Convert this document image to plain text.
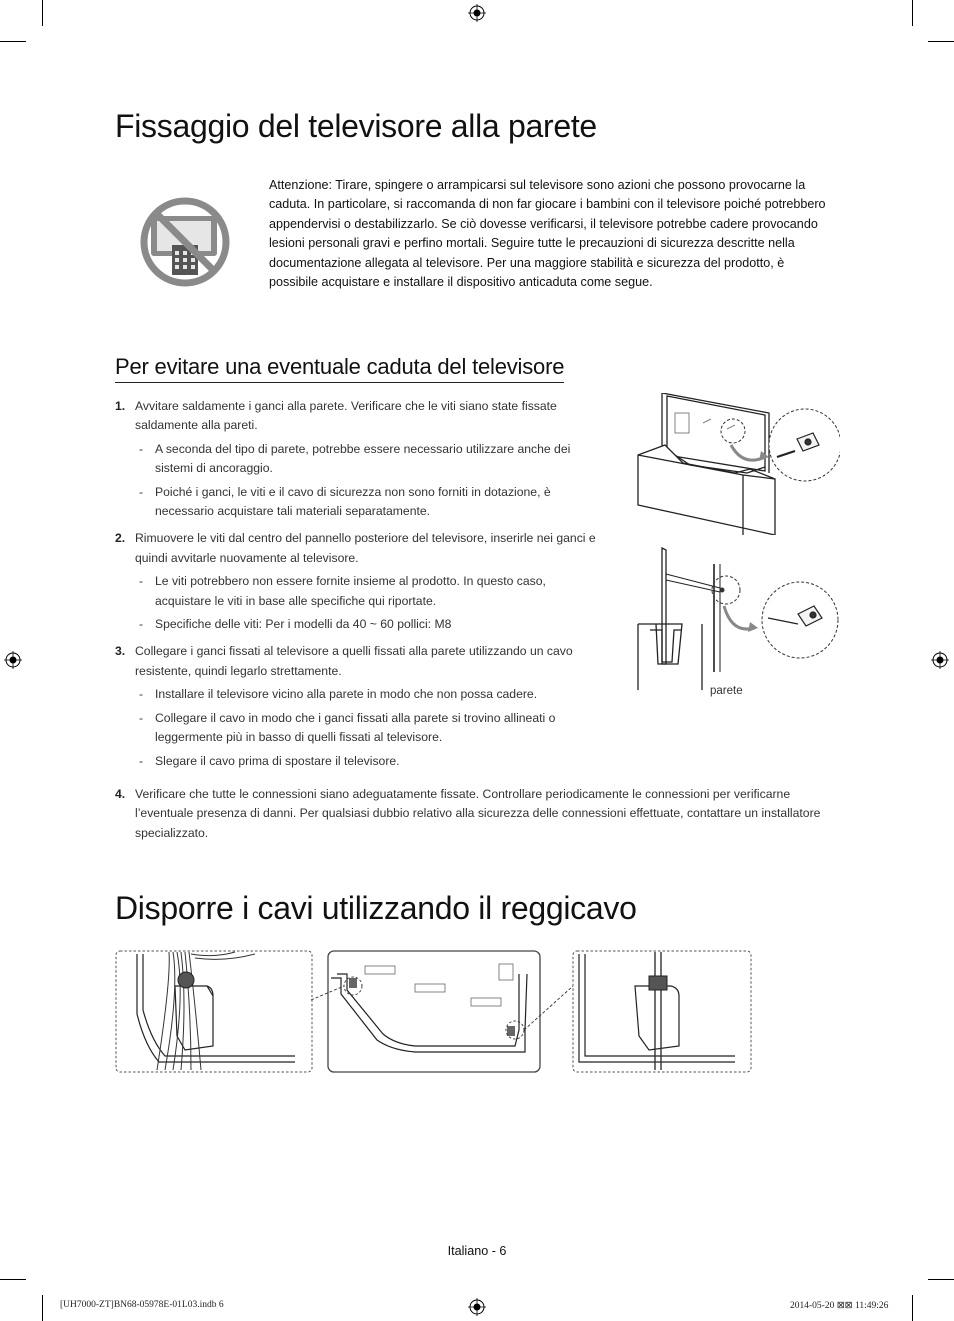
Fissaggio del televisore alla parete
Attenzione: Tirare, spingere o arrampicarsi sul televisore sono azioni che possono provocarne la caduta. In particolare, si raccomanda di non far giocare i bambini con il televisore poiché potrebbero appendervisi o destabilizzarlo. Se ciò dovesse verificarsi, il televisore potrebbe cadere provocando lesioni personali gravi e perfino mortali. Seguire tutte le precauzioni di sicurezza descritte nella documentazione allegata al televisore. Per una maggiore stabilità e sicurezza del prodotto, è possibile acquistare e installare il dispositivo anticaduta come segue.
Per evitare una eventuale caduta del televisore
1. Avvitare saldamente i ganci alla parete. Verificare che le viti siano state fissate saldamente alla pareti.
- A seconda del tipo di parete, potrebbe essere necessario utilizzare anche dei sistemi di ancoraggio.
- Poiché i ganci, le viti e il cavo di sicurezza non sono forniti in dotazione, è necessario acquistare tali materiali separatamente.
2. Rimuovere le viti dal centro del pannello posteriore del televisore, inserirle nei ganci e quindi avvitarle nuovamente al televisore.
- Le viti potrebbero non essere fornite insieme al prodotto. In questo caso, acquistare le viti in base alle specifiche qui riportate.
- Specifiche delle viti: Per i modelli da 40 ~ 60 pollici: M8
3. Collegare i ganci fissati al televisore a quelli fissati alla parete utilizzando un cavo resistente, quindi legarlo strettamente.
- Installare il televisore vicino alla parete in modo che non possa cadere.
- Collegare il cavo in modo che i ganci fissati alla parete si trovino allineati o leggermente più in basso di quelli fissati al televisore.
- Slegare il cavo prima di spostare il televisore.
4. Verificare che tutte le connessioni siano adeguatamente fissate. Controllare periodicamente le connessioni per verificarne l’eventuale presenza di danni. Per qualsiasi dubbio relativo alla sicurezza delle connessioni effettuate, contattare un installatore specializzato.
parete
Disporre i cavi utilizzando il reggicavo
Italiano - 6
[UH7000-ZT]BN68-05978E-01L03.indb 6	2014-05-20 ⊠⊠ 11:49:26
